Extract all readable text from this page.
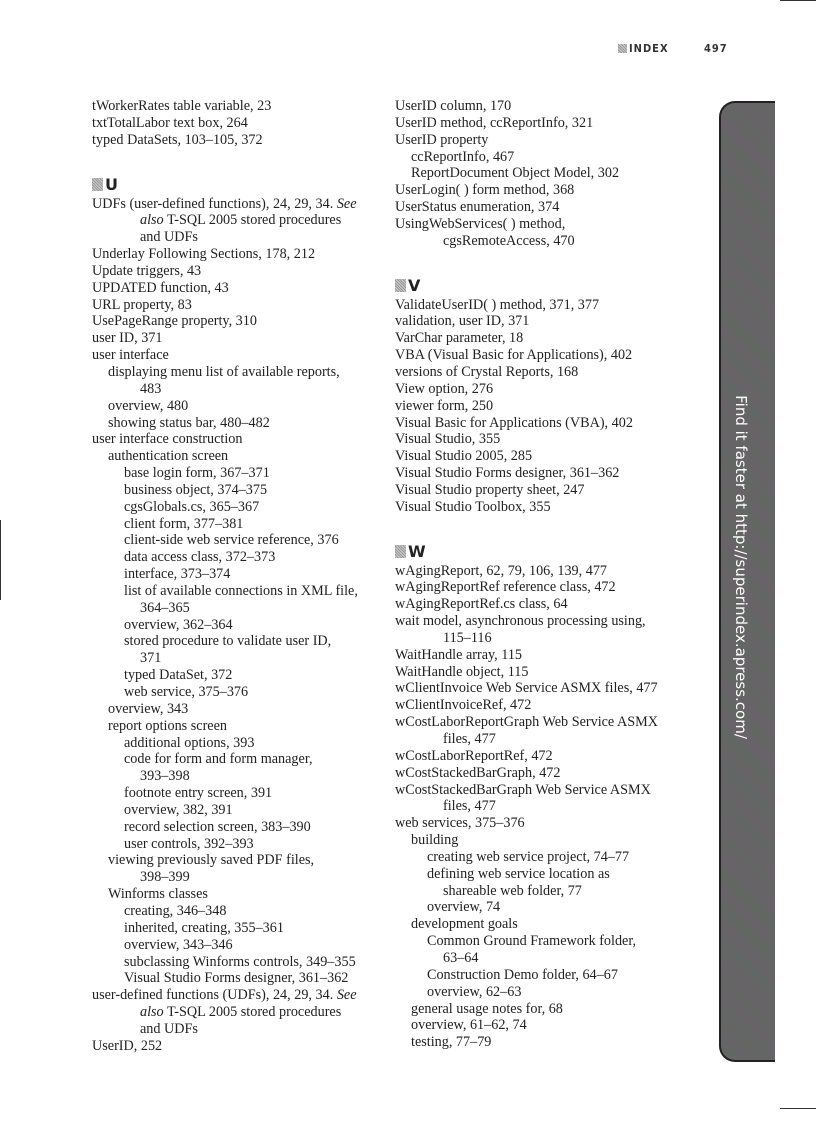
INDEX	497
tWorkerRates table variable, 23
txtTotalLabor text box, 264
typed DataSets, 103–105, 372
U
UDFs (user-defined functions), 24, 29, 34. See
also T-SQL 2005 stored procedures
and UDFs
Underlay Following Sections, 178, 212
Update triggers, 43
UPDATED function, 43
URL property, 83
UsePageRange property, 310
user ID, 371
user interface
displaying menu list of available reports,
483
overview, 480
showing status bar, 480–482
user interface construction
authentication screen
base login form, 367–371
business object, 374–375
cgsGlobals.cs, 365–367
client form, 377–381
client-side web service reference, 376
data access class, 372–373
interface, 373–374
list of available connections in XML file,
364–365
overview, 362–364
stored procedure to validate user ID,
371
typed DataSet, 372
web service, 375–376
overview, 343
report options screen
additional options, 393
code for form and form manager,
393–398
footnote entry screen, 391
overview, 382, 391
record selection screen, 383–390
user controls, 392–393
viewing previously saved PDF files,
398–399
Winforms classes
creating, 346–348
inherited, creating, 355–361
overview, 343–346
subclassing Winforms controls, 349–355
Visual Studio Forms designer, 361–362
user-defined functions (UDFs), 24, 29, 34. See
also T-SQL 2005 stored procedures
and UDFs
UserID, 252
UserID column, 170
UserID method, ccReportInfo, 321
UserID property
ccReportInfo, 467
ReportDocument Object Model, 302
UserLogin( ) form method, 368
UserStatus enumeration, 374
UsingWebServices( ) method,
cgsRemoteAccess, 470
V
ValidateUserID( ) method, 371, 377
validation, user ID, 371
VarChar parameter, 18
VBA (Visual Basic for Applications), 402
versions of Crystal Reports, 168
View option, 276
viewer form, 250
Visual Basic for Applications (VBA), 402
Visual Studio, 355
Visual Studio 2005, 285
Visual Studio Forms designer, 361–362
Visual Studio property sheet, 247
Visual Studio Toolbox, 355
W
wAgingReport, 62, 79, 106, 139, 477
wAgingReportRef reference class, 472
wAgingReportRef.cs class, 64
wait model, asynchronous processing using,
115–116
WaitHandle array, 115
WaitHandle object, 115
wClientInvoice Web Service ASMX files, 477
wClientInvoiceRef, 472
wCostLaborReportGraph Web Service ASMX
files, 477
wCostLaborReportRef, 472
wCostStackedBarGraph, 472
wCostStackedBarGraph Web Service ASMX
files, 477
web services, 375–376
building
creating web service project, 74–77
defining web service location as
shareable web folder, 77
overview, 74
development goals
Common Ground Framework folder,
63–64
Construction Demo folder, 64–67
overview, 62–63
general usage notes for, 68
overview, 61–62, 74
testing, 77–79
Find it faster at http://superindex.apress.com/
